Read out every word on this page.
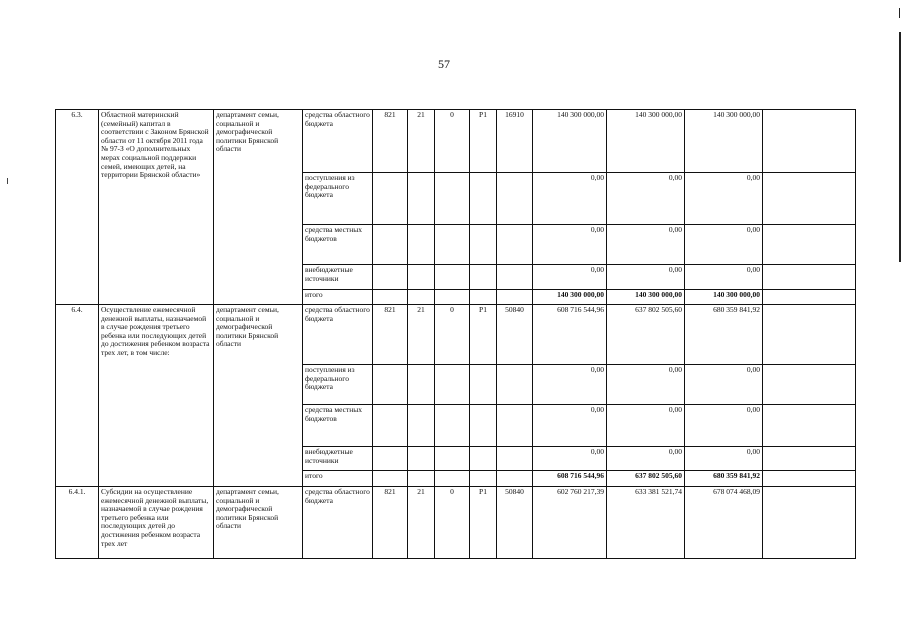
57
6.3.	Областной материнский (семейный) капитал в соответствии с Законом Брянской области от 11 октября 2011 года № 97-З «О дополнительных мерах социальной поддержки семей, имеющих детей, на территории Брянской области»	департамент семьи, социальной и демографической политики Брянской области	средства областного бюджета	821	21	0	Р1	16910	140 300 000,00	140 300 000,00	140 300 000,00	
			поступления из федерального бюджета						0,00	0,00	0,00	
			средства местных бюджетов						0,00	0,00	0,00	
			внебюджетные источники						0,00	0,00	0,00	
			итого						140 300 000,00	140 300 000,00	140 300 000,00	
6.4.	Осуществление ежемесячной денежной выплаты, назначаемой в случае рождения третьего ребенка или последующих детей до достижения ребенком возраста трех лет, в том числе:	департамент семьи, социальной и демографической политики Брянской области	средства областного бюджета	821	21	0	Р1	50840	608 716 544,96	637 802 505,60	680 359 841,92	
			поступления из федерального бюджета						0,00	0,00	0,00	
			средства местных бюджетов						0,00	0,00	0,00	
			внебюджетные источники						0,00	0,00	0,00	
			итого						608 716 544,96	637 802 505,60	680 359 841,92	
6.4.1.	Субсидии на осуществление ежемесячной денежной выплаты, назначаемой в случае рождения третьего ребенка или последующих детей до достижения ребенком возраста трех лет	департамент семьи, социальной и демографической политики Брянской области	средства областного бюджета	821	21	0	Р1	50840	602 760 217,39	633 381 521,74	678 074 468,09	
